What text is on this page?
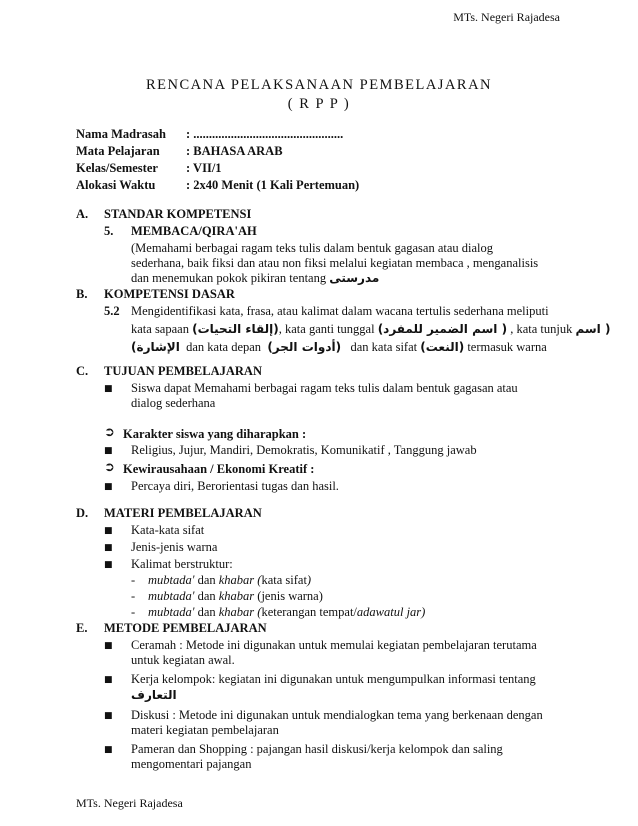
MTs. Negeri Rajadesa
RENCANA PELAKSANAAN PEMBELAJARAN
( R P P )
Nama Madrasah : ................................................
Mata Pelajaran : BAHASA ARAB
Kelas/Semester : VII/1
Alokasi Waktu : 2x40 Menit (1 Kali Pertemuan)
A. STANDAR KOMPETENSI
5. MEMBACA/QIRA'AH
(Memahami berbagai ragam teks tulis dalam bentuk gagasan atau dialog
sederhana, baik fiksi dan atau non fiksi melalui kegiatan membaca , menganalisis
dan menemukan pokok pikiran tentang مدرستى
B. KOMPETENSI DASAR
5.2 Mengidentifikasi kata, frasa, atau kalimat dalam wacana tertulis sederhana meliputi
kata sapaan (إلقاء التحيات), kata ganti tunggal ( اسم الضمير للمفرد) , kata tunjuk ( اسم
الإشارة) dan kata depan (أدوات الجر) dan kata sifat (النعت) termasuk warna
C. TUJUAN PEMBELAJARAN
■	Siswa dapat Memahami berbagai ragam teks tulis dalam bentuk gagasan atau
dialog sederhana
➲ Karakter siswa yang diharapkan :
■	Religius, Jujur, Mandiri, Demokratis, Komunikatif , Tanggung jawab
➲ Kewirausahaan / Ekonomi Kreatif :
■	Percaya diri, Berorientasi tugas dan hasil.
D. MATERI PEMBELAJARAN
■	Kata-kata sifat
■	Jenis-jenis warna
■	Kalimat berstruktur:
- mubtada' dan khabar (kata sifat)
- mubtada' dan khabar (jenis warna)
- mubtada' dan khabar (keterangan tempat/adawatul jar)
E. METODE PEMBELAJARAN
■	Ceramah : Metode ini digunakan untuk memulai kegiatan pembelajaran terutama
untuk kegiatan awal.
■	Kerja kelompok: kegiatan ini digunakan untuk mengumpulkan informasi tentang
التعارف
■	Diskusi : Metode ini digunakan untuk mendialogkan tema yang berkenaan dengan
materi kegiatan pembelajaran
■	Pameran dan Shopping : pajangan hasil diskusi/kerja kelompok dan saling
mengomentari pajangan
MTs. Negeri Rajadesa
